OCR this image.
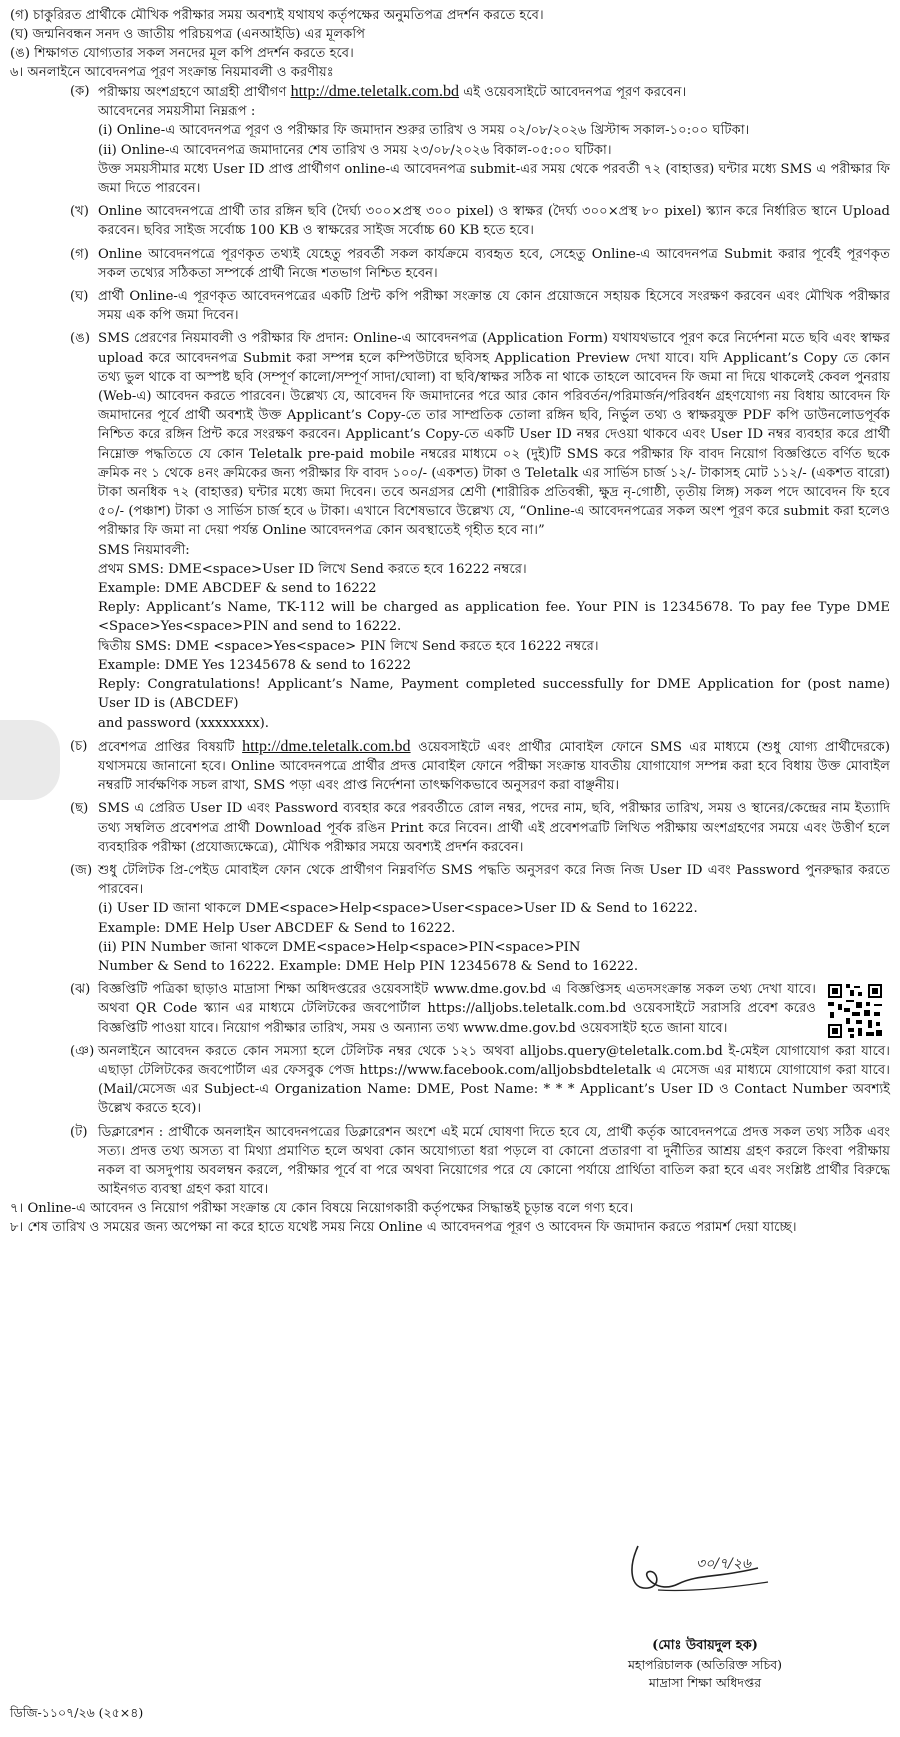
(গ) চাকুরিরত প্রার্থীকে মৌখিক পরীক্ষার সময় অবশ্যই যথাযথ কর্তৃপক্ষের অনুমতিপত্র প্রদর্শন করতে হবে।
(ঘ) জন্মনিবন্ধন সনদ ও জাতীয় পরিচয়পত্র (এনআইডি) এর মূলকপি
(ঙ) শিক্ষাগত যোগ্যতার সকল সনদের মূল কপি প্রদর্শন করতে হবে।
৬। অনলাইনে আবেদনপত্র পূরণ সংক্রান্ত নিয়মাবলী ও করণীয়ঃ
(ক) পরীক্ষায় অংশগ্রহণে আগ্রহী প্রার্থীগণ http://dme.teletalk.com.bd এই ওয়েবসাইটে আবেদনপত্র পূরণ করবেন।

আবেদনের সময়সীমা নিম্নরূপ :

(i) Online-এ আবেদনপত্র পূরণ ও পরীক্ষার ফি জমাদান শুরুর তারিখ ও সময় ০২/০৮/২০২৬ খ্রিস্টাব্দ সকাল-১০:০০ ঘটিকা।

(ii) Online-এ আবেদনপত্র জমাদানের শেষ তারিখ ও সময় ২৩/০৮/২০২৬ বিকাল-০৫:০০ ঘটিকা।

উক্ত সময়সীমার মধ্যে User ID প্রাপ্ত প্রার্থীগণ online-এ আবেদনপত্র submit-এর সময় থেকে পরবর্তী ৭২ (বাহাত্তর) ঘন্টার মধ্যে SMS এ পরীক্ষার ফি জমা দিতে পারবেন।

(খ) Online আবেদনপত্রে প্রার্থী তার রঙ্গিন ছবি (দৈর্ঘ্য ৩০০×প্রস্থ ৩০০ pixel) ও স্বাক্ষর (দৈর্ঘ্য ৩০০×প্রস্থ ৮০ pixel) স্ক্যান করে নির্ধারিত স্থানে Upload করবেন। ছবির সাইজ সর্বোচ্চ 100 KB ও স্বাক্ষরের সাইজ সর্বোচ্চ 60 KB হতে হবে।

(গ) Online আবেদনপত্রে পূরণকৃত তথ্যই যেহেতু পরবর্তী সকল কার্যক্রমে ব্যবহৃত হবে, সেহেতু Online-এ আবেদনপত্র Submit করার পূর্বেই পূরণকৃত সকল তথ্যের সঠিকতা সম্পর্কে প্রার্থী নিজে শতভাগ নিশ্চিত হবেন।

(ঘ) প্রার্থী Online-এ পূরণকৃত আবেদনপত্রের একটি প্রিন্ট কপি পরীক্ষা সংক্রান্ত যে কোন প্রয়োজনে সহায়ক হিসেবে সংরক্ষণ করবেন এবং মৌখিক পরীক্ষার সময় এক কপি জমা দিবেন।

(ঙ) SMS প্রেরণের নিয়মাবলী ও পরীক্ষার ফি প্রদান: Online-এ আবেদনপত্র (Application Form) যথাযথভাবে পূরণ করে নির্দেশনা মতে ছবি এবং স্বাক্ষর upload করে আবেদনপত্র Submit করা সম্পন্ন হলে কম্পিউটারে ছবিসহ Application Preview দেখা যাবে। যদি Applicant’s Copy তে কোন তথ্য ভুল থাকে বা অস্পষ্ট ছবি (সম্পূর্ণ কালো/সম্পূর্ণ সাদা/ঘোলা) বা ছবি/স্বাক্ষর সঠিক না থাকে তাহলে আবেদন ফি জমা না দিয়ে থাকলেই কেবল পুনরায় (Web-এ) আবেদন করতে পারবেন। উল্লেখ্য যে, আবেদন ফি জমাদানের পরে আর কোন পরিবর্তন/পরিমার্জন/পরিবর্ধন গ্রহণযোগ্য নয় বিধায় আবেদন ফি জমাদানের পূর্বে প্রার্থী অবশ্যই উক্ত Applicant’s Copy-তে তার সাম্প্রতিক তোলা রঙ্গিন ছবি, নির্ভুল তথ্য ও স্বাক্ষরযুক্ত PDF কপি ডাউনলোডপূর্বক নিশ্চিত করে রঙ্গিন প্রিন্ট করে সংরক্ষণ করবেন। Applicant’s Copy-তে একটি User ID নম্বর দেওয়া থাকবে এবং User ID নম্বর ব্যবহার করে প্রার্থী নিম্নোক্ত পদ্ধতিতে যে কোন Teletalk pre-paid mobile নম্বরের মাধ্যমে ০২ (দুই)টি SMS করে পরীক্ষার ফি বাবদ নিয়োগ বিজ্ঞপ্তিতে বর্ণিত ছকে ক্রমিক নং ১ থেকে ৪নং ক্রমিকের জন্য পরীক্ষার ফি বাবদ ১০০/- (একশত) টাকা ও Teletalk এর সার্ভিস চার্জ ১২/- টাকাসহ মোট ১১২/- (একশত বারো) টাকা অনধিক ৭২ (বাহাত্তর) ঘন্টার মধ্যে জমা দিবেন। তবে অনগ্রসর শ্রেণী (শারীরিক প্রতিবন্ধী, ক্ষুদ্র নৃ-গোষ্ঠী, তৃতীয় লিঙ্গ) সকল পদে আবেদন ফি হবে ৫০/- (পঞ্চাশ) টাকা ও সার্ভিস চার্জ হবে ৬ টাকা। এখানে বিশেষভাবে উল্লেখ্য যে, “Online-এ আবেদনপত্রের সকল অংশ পূরণ করে submit করা হলেও পরীক্ষার ফি জমা না দেয়া পর্যন্ত Online আবেদনপত্র কোন অবস্থাতেই গৃহীত হবে না।”

SMS নিয়মাবলী:

প্রথম SMS: DME<space>User ID লিখে Send করতে হবে 16222 নম্বরে।

Example: DME ABCDEF & send to 16222

Reply: Applicant’s Name, TK-112 will be charged as application fee. Your PIN is 12345678. To pay fee Type DME <Space>Yes<space>PIN and send to 16222.

দ্বিতীয় SMS: DME <space>Yes<space> PIN লিখে Send করতে হবে 16222 নম্বরে।

Example: DME Yes 12345678 & send to 16222

Reply: Congratulations! Applicant’s Name, Payment completed successfully for DME Application for (post name) User ID is (ABCDEF)

and password (xxxxxxxx).

(চ) প্রবেশপত্র প্রাপ্তির বিষয়টি http://dme.teletalk.com.bd ওয়েবসাইটে এবং প্রার্থীর মোবাইল ফোনে SMS এর মাধ্যমে (শুধু যোগ্য প্রার্থীদেরকে) যথাসময়ে জানানো হবে। Online আবেদনপত্রে প্রার্থীর প্রদত্ত মোবাইল ফোনে পরীক্ষা সংক্রান্ত যাবতীয় যোগাযোগ সম্পন্ন করা হবে বিধায় উক্ত মোবাইল নম্বরটি সার্বক্ষণিক সচল রাখা, SMS পড়া এবং প্রাপ্ত নির্দেশনা তাৎক্ষণিকভাবে অনুসরণ করা বাঞ্ছনীয়।

(ছ) SMS এ প্রেরিত User ID এবং Password ব্যবহার করে পরবর্তীতে রোল নম্বর, পদের নাম, ছবি, পরীক্ষার তারিখ, সময় ও স্থানের/কেন্দ্রের নাম ইত্যাদি তথ্য সম্বলিত প্রবেশপত্র প্রার্থী Download পূর্বক রঙিন Print করে নিবেন। প্রার্থী এই প্রবেশপত্রটি লিখিত পরীক্ষায় অংশগ্রহণের সময়ে এবং উত্তীর্ণ হলে ব্যবহারিক পরীক্ষা (প্রযোজ্যক্ষেত্রে), মৌখিক পরীক্ষার সময়ে অবশ্যই প্রদর্শন করবেন।

(জ) শুধু টেলিটক প্রি-পেইড মোবাইল ফোন থেকে প্রার্থীগণ নিম্নবর্ণিত SMS পদ্ধতি অনুসরণ করে নিজ নিজ User ID এবং Password পুনরুদ্ধার করতে পারবেন।

(i) User ID জানা থাকলে DME<space>Help<space>User<space>User ID & Send to 16222.

Example: DME Help User ABCDEF & Send to 16222.

(ii) PIN Number জানা থাকলে DME<space>Help<space>PIN<space>PIN

Number & Send to 16222. Example: DME Help PIN 12345678 & Send to 16222.

(ঝ) বিজ্ঞপ্তিটি পত্রিকা ছাড়াও মাদ্রাসা শিক্ষা অধিদপ্তরের ওয়েবসাইট www.dme.gov.bd এ বিজ্ঞপ্তিসহ এতদসংক্রান্ত সকল তথ্য দেখা যাবে। অথবা QR Code স্ক্যান এর মাধ্যমে টেলিটকের জবপোর্টাল https://alljobs.teletalk.com.bd ওয়েবসাইটে সরাসরি প্রবেশ করেও বিজ্ঞপ্তিটি পাওয়া যাবে। নিয়োগ পরীক্ষার তারিখ, সময় ও অন্যান্য তথ্য www.dme.gov.bd ওয়েবসাইট হতে জানা যাবে।

(ঞ) অনলাইনে আবেদন করতে কোন সমস্যা হলে টেলিটক নম্বর থেকে ১২১ অথবা alljobs.query@teletalk.com.bd ই-মেইল যোগাযোগ করা যাবে। এছাড়া টেলিটকের জবপোর্টাল এর ফেসবুক পেজ https://www.facebook.com/alljobsbdteletalk এ মেসেজ এর মাধ্যমে যোগাযোগ করা যাবে। (Mail/মেসেজ এর Subject-এ Organization Name: DME, Post Name: * * * Applicant’s User ID ও Contact Number অবশ্যই উল্লেখ করতে হবে)।

(ট) ডিক্লারেশন : প্রার্থীকে অনলাইন আবেদনপত্রের ডিক্লারেশন অংশে এই মর্মে ঘোষণা দিতে হবে যে, প্রার্থী কর্তৃক আবেদনপত্রে প্রদত্ত সকল তথ্য সঠিক এবং সত্য। প্রদত্ত তথ্য অসত্য বা মিথ্যা প্রমাণিত হলে অথবা কোন অযোগ্যতা ধরা পড়লে বা কোনো প্রতারণা বা দুর্নীতির আশ্রয় গ্রহণ করলে কিংবা পরীক্ষায় নকল বা অসদুপায় অবলম্বন করলে, পরীক্ষার পূর্বে বা পরে অথবা নিয়োগের পরে যে কোনো পর্যায়ে প্রার্থিতা বাতিল করা হবে এবং সংশ্লিষ্ট প্রার্থীর বিরুদ্ধে আইনগত ব্যবস্থা গ্রহণ করা যাবে।

৭। Online-এ আবেদন ও নিয়োগ পরীক্ষা সংক্রান্ত যে কোন বিষয়ে নিয়োগকারী কর্তৃপক্ষের সিদ্ধান্তই চূড়ান্ত বলে গণ্য হবে।
৮। শেষ তারিখ ও সময়ের জন্য অপেক্ষা না করে হাতে যথেষ্ট সময় নিয়ে Online এ আবেদনপত্র পূরণ ও আবেদন ফি জমাদান করতে পরামর্শ দেয়া যাচ্ছে।
৩০/৭/২৬
(মোঃ উবায়দুল হক)
মহাপরিচালক (অতিরিক্ত সচিব)
মাদ্রাসা শিক্ষা অধিদপ্তর
ডিজি-১১০৭/২৬ (২৫×৪)
